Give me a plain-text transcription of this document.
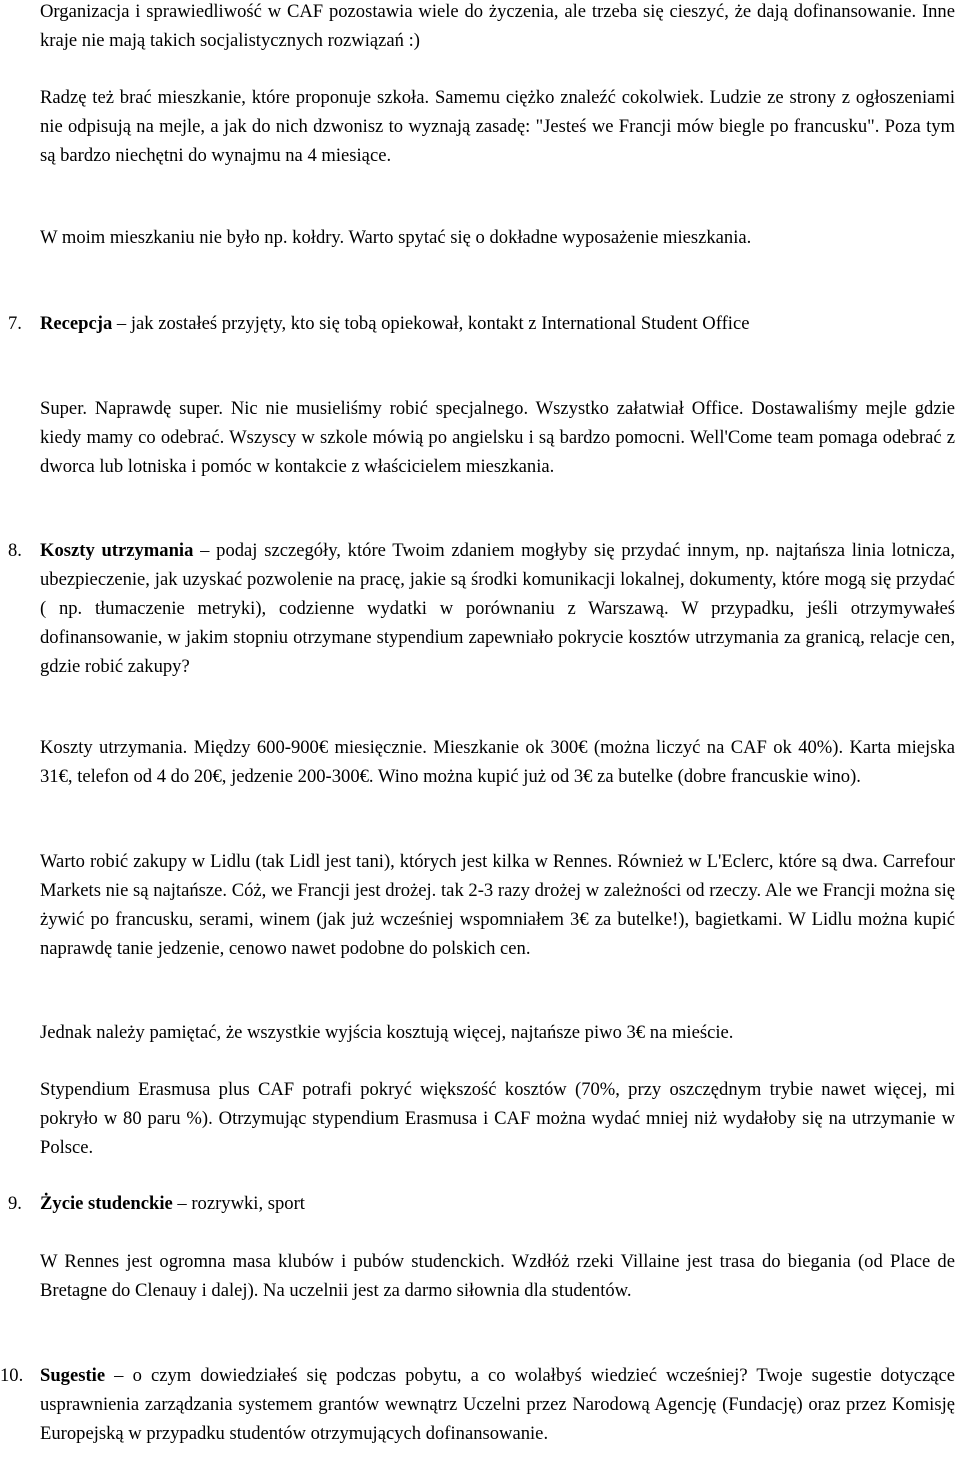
Organizacja i sprawiedliwość w CAF pozostawia wiele do życzenia, ale trzeba się cieszyć, że dają dofinansowanie. Inne kraje nie mają takich socjalistycznych rozwiązań :)

Radzę też brać mieszkanie, które proponuje szkoła. Samemu ciężko znaleźć cokolwiek. Ludzie ze strony z ogłoszeniami nie odpisują na mejle, a jak do nich dzwonisz to wyznają zasadę: "Jesteś we Francji mów biegle po francusku". Poza tym są bardzo niechętni do wynajmu na 4 miesiące.

W moim mieszkaniu nie było np. kołdry. Warto spytać się o dokładne wyposażenie mieszkania.

7. Recepcja – jak zostałeś przyjęty, kto się tobą opiekował, kontakt z International Student Office

Super. Naprawdę super. Nic nie musieliśmy robić specjalnego. Wszystko załatwiał Office. Dostawaliśmy mejle gdzie kiedy mamy co odebrać. Wszyscy w szkole mówią po angielsku i są bardzo pomocni. Well'Come team pomaga odebrać z dworca lub lotniska i pomóc w kontakcie z właścicielem mieszkania.

8. Koszty utrzymania – podaj szczegóły, które Twoim zdaniem mogłyby się przydać innym, np. najtańsza linia lotnicza, ubezpieczenie, jak uzyskać pozwolenie na pracę, jakie są środki komunikacji lokalnej, dokumenty, które mogą się przydać ( np. tłumaczenie metryki), codzienne wydatki w porównaniu z Warszawą. W przypadku, jeśli otrzymywałeś dofinansowanie, w jakim stopniu otrzymane stypendium zapewniało pokrycie kosztów utrzymania za granicą, relacje cen, gdzie robić zakupy?

Koszty utrzymania. Między 600-900€ miesięcznie. Mieszkanie ok 300€ (można liczyć na CAF ok 40%). Karta miejska 31€, telefon od 4 do 20€, jedzenie 200-300€. Wino można kupić już od 3€ za butelke (dobre francuskie wino).

Warto robić zakupy w Lidlu (tak Lidl jest tani), których jest kilka w Rennes. Również w L'Eclerc, które są dwa. Carrefour Markets nie są najtańsze. Cóż, we Francji jest drożej. tak 2-3 razy drożej w zależności od rzeczy. Ale we Francji można się żywić po francusku, serami, winem (jak już wcześniej wspomniałem 3€ za butelke!), bagietkami. W Lidlu można kupić naprawdę tanie jedzenie, cenowo nawet podobne do polskich cen.

Jednak należy pamiętać, że wszystkie wyjścia kosztują więcej, najtańsze piwo 3€ na mieście.

Stypendium Erasmusa plus CAF potrafi pokryć większość kosztów (70%, przy oszczędnym trybie nawet więcej, mi pokryło w 80 paru %). Otrzymując stypendium Erasmusa i CAF można wydać mniej niż wydałoby się na utrzymanie w Polsce.

9. Życie studenckie – rozrywki, sport

W Rennes jest ogromna masa klubów i pubów studenckich. Wzdłóż rzeki Villaine jest trasa do biegania (od Place de Bretagne do Clenauy i dalej). Na uczelnii jest za darmo siłownia dla studentów.

10. Sugestie – o czym dowiedziałeś się podczas pobytu, a co wolałbyś wiedzieć wcześniej? Twoje sugestie dotyczące usprawnienia zarządzania systemem grantów wewnątrz Uczelni przez Narodową Agencję (Fundację) oraz przez Komisję Europejską w przypadku studentów otrzymujących dofinansowanie.
